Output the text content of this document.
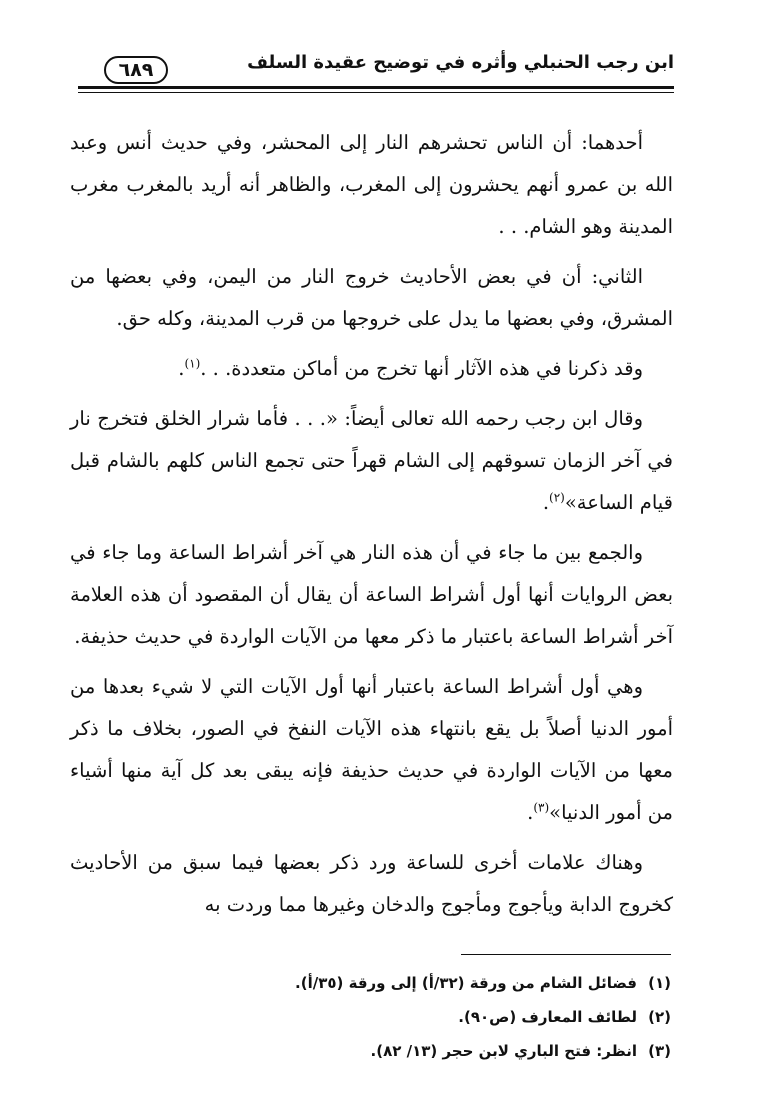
ابن رجب الحنبلي وأثره في توضيح عقيدة السلف
٦٨٩

أحدهما: أن الناس تحشرهم النار إلى المحشر، وفي حديث أنس وعبد الله بن عمرو أنهم يحشرون إلى المغرب، والظاهر أنه أريد بالمغرب مغرب المدينة وهو الشام. . .

الثاني: أن في بعض الأحاديث خروج النار من اليمن، وفي بعضها من المشرق، وفي بعضها ما يدل على خروجها من قرب المدينة، وكله حق.

وقد ذكرنا في هذه الآثار أنها تخرج من أماكن متعددة. . .$^{(١)}$.

وقال ابن رجب رحمه الله تعالى أيضاً: «. . . فأما شرار الخلق فتخرج نار في آخر الزمان تسوقهم إلى الشام قهراً حتى تجمع الناس كلهم بالشام قبل قيام الساعة»$^{(٢)}$.

والجمع بين ما جاء في أن هذه النار هي آخر أشراط الساعة وما جاء في بعض الروايات أنها أول أشراط الساعة أن يقال أن المقصود أن هذه العلامة آخر أشراط الساعة باعتبار ما ذكر معها من الآيات الواردة في حديث حذيفة.

وهي أول أشراط الساعة باعتبار أنها أول الآيات التي لا شيء بعدها من أمور الدنيا أصلاً بل يقع بانتهاء هذه الآيات النفخ في الصور، بخلاف ما ذكر معها من الآيات الواردة في حديث حذيفة فإنه يبقى بعد كل آية منها أشياء من أمور الدنيا»$^{(٣)}$.

وهناك علامات أخرى للساعة ورد ذكر بعضها فيما سبق من الأحاديث كخروج الدابة ويأجوج ومأجوج والدخان وغيرها مما وردت به

(١)فضائل الشام من ورقة (٣٢/أ) إلى ورقة (٣٥/أ).

(٢)لطائف المعارف (ص٩٠).

(٣)انظر: فتح الباري لابن حجر (١٣/ ٨٢).
